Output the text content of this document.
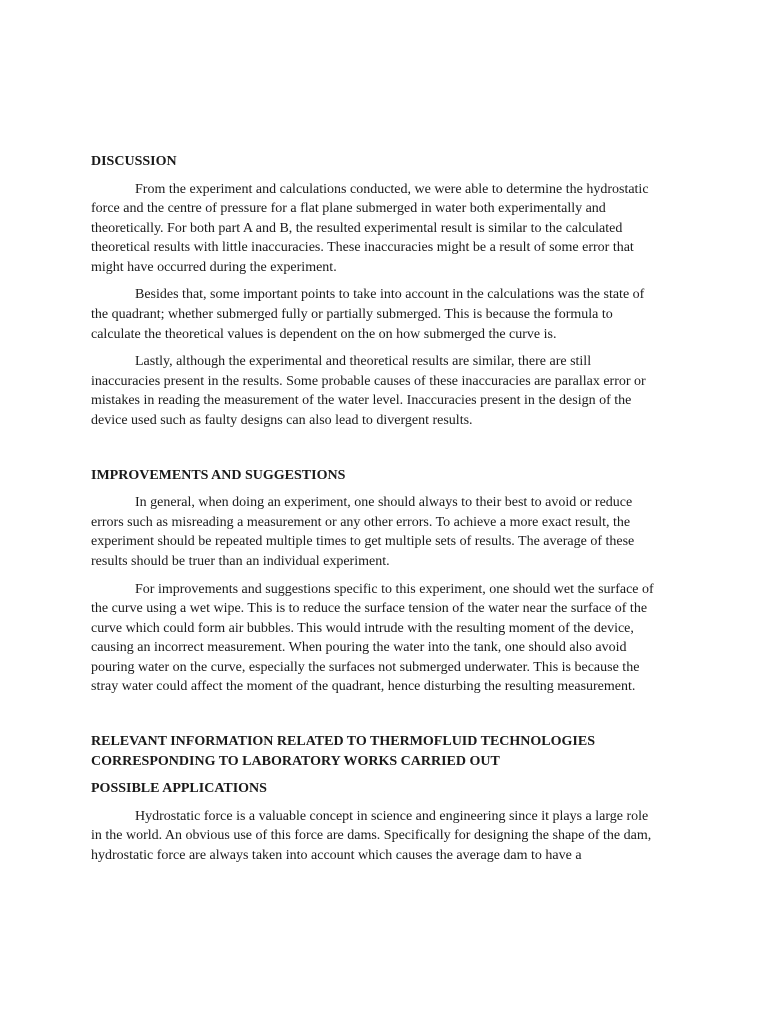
DISCUSSION

From the experiment and calculations conducted, we were able to determine the hydrostatic force and the centre of pressure for a flat plane submerged in water both experimentally and theoretically. For both part A and B, the resulted experimental result is similar to the calculated theoretical results with little inaccuracies. These inaccuracies might be a result of some error that might have occurred during the experiment.

Besides that, some important points to take into account in the calculations was the state of the quadrant; whether submerged fully or partially submerged. This is because the formula to calculate the theoretical values is dependent on the on how submerged the curve is.

Lastly, although the experimental and theoretical results are similar, there are still inaccuracies present in the results. Some probable causes of these inaccuracies are parallax error or mistakes in reading the measurement of the water level. Inaccuracies present in the design of the device used such as faulty designs can also lead to divergent results.

IMPROVEMENTS AND SUGGESTIONS

In general, when doing an experiment, one should always to their best to avoid or reduce errors such as misreading a measurement or any other errors. To achieve a more exact result, the experiment should be repeated multiple times to get multiple sets of results. The average of these results should be truer than an individual experiment.

For improvements and suggestions specific to this experiment, one should wet the surface of the curve using a wet wipe. This is to reduce the surface tension of the water near the surface of the curve which could form air bubbles. This would intrude with the resulting moment of the device, causing an incorrect measurement. When pouring the water into the tank, one should also avoid pouring water on the curve, especially the surfaces not submerged underwater. This is because the stray water could affect the moment of the quadrant, hence disturbing the resulting measurement.

RELEVANT INFORMATION RELATED TO THERMOFLUID TECHNOLOGIES CORRESPONDING TO LABORATORY WORKS CARRIED OUT
POSSIBLE APPLICATIONS

Hydrostatic force is a valuable concept in science and engineering since it plays a large role in the world. An obvious use of this force are dams. Specifically for designing the shape of the dam, hydrostatic force are always taken into account which causes the average dam to have a
